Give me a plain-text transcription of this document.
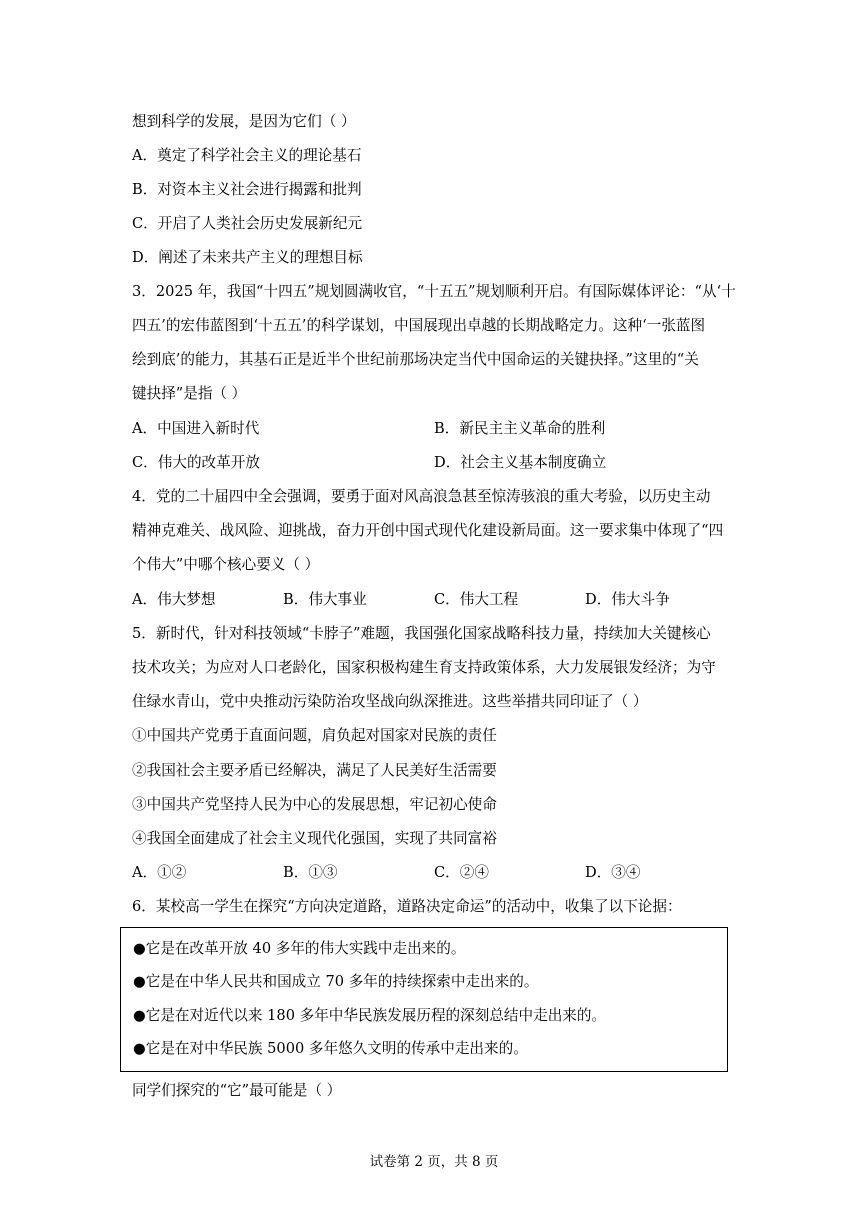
想到科学的发展，是因为它们（ ）
A．奠定了科学社会主义的理论基石
B．对资本主义社会进行揭露和批判
C．开启了人类社会历史发展新纪元
D．阐述了未来共产主义的理想目标
3．2025 年，我国“十四五”规划圆满收官，“十五五”规划顺利开启。有国际媒体评论：“从‘十
四五’的宏伟蓝图到‘十五五’的科学谋划，中国展现出卓越的长期战略定力。这种‘一张蓝图
绘到底’的能力，其基石正是近半个世纪前那场决定当代中国命运的关键抉择。”这里的“关
键抉择”是指（ ）
A．中国进入新时代	B．新民主主义革命的胜利
C．伟大的改革开放	D．社会主义基本制度确立
4．党的二十届四中全会强调，要勇于面对风高浪急甚至惊涛骇浪的重大考验，以历史主动
精神克难关、战风险、迎挑战，奋力开创中国式现代化建设新局面。这一要求集中体现了“四
个伟大”中哪个核心要义（ ）
A．伟大梦想	B．伟大事业	C．伟大工程	D．伟大斗争
5．新时代，针对科技领域“卡脖子”难题，我国强化国家战略科技力量，持续加大关键核心
技术攻关；为应对人口老龄化，国家积极构建生育支持政策体系，大力发展银发经济；为守
住绿水青山，党中央推动污染防治攻坚战向纵深推进。这些举措共同印证了（ ）
①中国共产党勇于直面问题，肩负起对国家对民族的责任
②我国社会主要矛盾已经解决，满足了人民美好生活需要
③中国共产党坚持人民为中心的发展思想，牢记初心使命
④我国全面建成了社会主义现代化强国，实现了共同富裕
A．①②	B．①③	C．②④	D．③④
6．某校高一学生在探究“方向决定道路，道路决定命运”的活动中，收集了以下论据：
●它是在改革开放 40 多年的伟大实践中走出来的。
●它是在中华人民共和国成立 70 多年的持续探索中走出来的。
●它是在对近代以来 180 多年中华民族发展历程的深刻总结中走出来的。
●它是在对中华民族 5000 多年悠久文明的传承中走出来的。
同学们探究的“它”最可能是（ ）
试卷第 2 页，共 8 页
